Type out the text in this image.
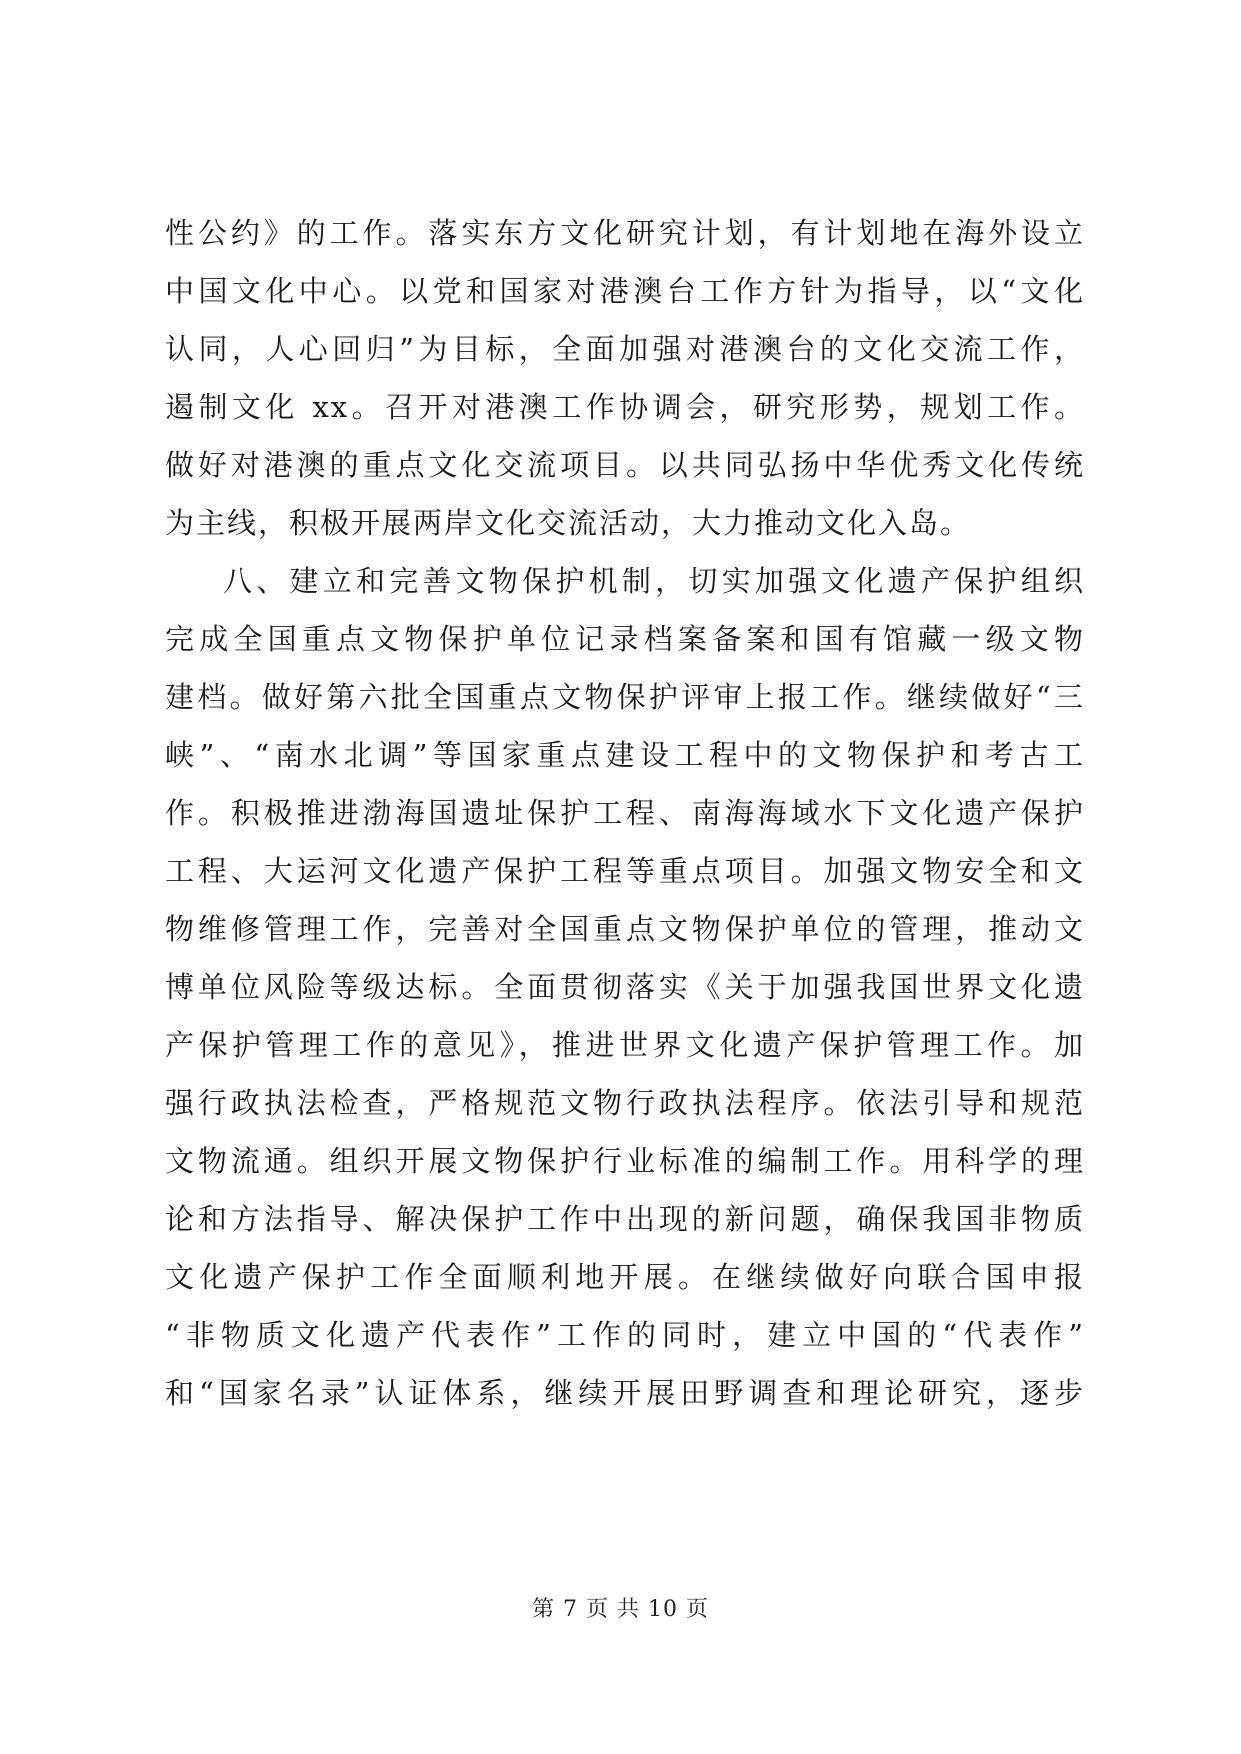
性公约》的工作。落实东方文化研究计划，有计划地在海外设立
中国文化中心。以党和国家对港澳台工作方针为指导，以“文化
认同，人心回归”为目标，全面加强对港澳台的文化交流工作，
遏制文化 xx。召开对港澳工作协调会，研究形势，规划工作。
做好对港澳的重点文化交流项目。以共同弘扬中华优秀文化传统
为主线，积极开展两岸文化交流活动，大力推动文化入岛。
八、建立和完善文物保护机制，切实加强文化遗产保护组织
完成全国重点文物保护单位记录档案备案和国有馆藏一级文物
建档。做好第六批全国重点文物保护评审上报工作。继续做好“三
峡”、“南水北调”等国家重点建设工程中的文物保护和考古工
作。积极推进渤海国遗址保护工程、南海海域水下文化遗产保护
工程、大运河文化遗产保护工程等重点项目。加强文物安全和文
物维修管理工作，完善对全国重点文物保护单位的管理，推动文
博单位风险等级达标。全面贯彻落实《关于加强我国世界文化遗
产保护管理工作的意见》，推进世界文化遗产保护管理工作。加
强行政执法检查，严格规范文物行政执法程序。依法引导和规范
文物流通。组织开展文物保护行业标准的编制工作。用科学的理
论和方法指导、解决保护工作中出现的新问题，确保我国非物质
文化遗产保护工作全面顺利地开展。在继续做好向联合国申报
“非物质文化遗产代表作”工作的同时，建立中国的“代表作”
和“国家名录”认证体系，继续开展田野调查和理论研究，逐步
第 7 页 共 10 页
